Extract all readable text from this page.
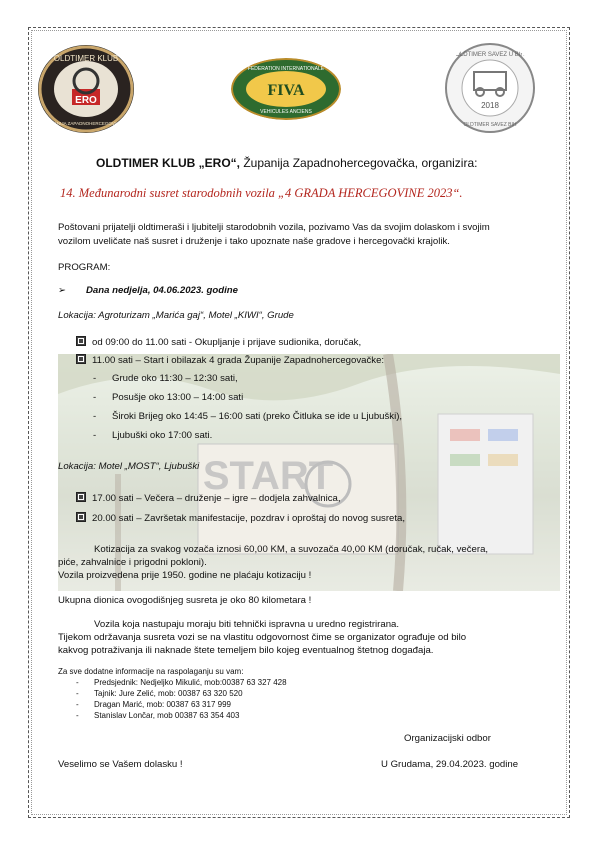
OLDTIMER KLUB
ERO
ŽUPANIJA ZAPADNOHERCEGOVAČKA
FEDERATION INTERNATIONALE
FIVA
VEHICULES ANCIENS
OLDTIMER SAVEZ U BIH
2018
OLDTIMER SAVEZ BIH
START
OLDTIMER KLUB „ERO“, Županija Zapadnohercegovačka, organizira:
14. Međunarodni susret starodobnih vozila „4 GRADA HERCEGOVINE 2023“.
Poštovani prijatelji oldtimeraši i ljubitelji starodobnih vozila, pozivamo Vas da svojim dolaskom i svojim
vozilom uveličate naš susret i druženje i tako upoznate naše gradove i hercegovački krajolik.
PROGRAM:
➢ Dana nedjelja, 04.06.2023. godine
Lokacija: Agroturizam „Marića gaj“, Motel „KIWI“, Grude
od 09:00 do 11.00 sati - Okupljanje i prijave sudionika, doručak,
11.00 sati – Start i obilazak 4 grada Županije Zapadnohercegovačke:
- Grude oko 11:30 – 12:30 sati,
- Posušje oko 13:00 – 14:00 sati
- Široki Brijeg oko 14:45 – 16:00 sati (preko Čitluka se ide u Ljubuški),
- Ljubuški oko 17:00 sati.
Lokacija: Motel „MOST“, Ljubuški
17.00 sati – Večera – druženje – igre – dodjela zahvalnica,
20.00 sati – Završetak manifestacije, pozdrav i oproštaj do novog susreta,
Kotizacija za svakog vozača iznosi 60,00 KM, a suvozača 40,00 KM (doručak, ručak, večera,
piće, zahvalnice i prigodni pokloni).
Vozila proizvedena prije 1950. godine ne plaćaju kotizaciju !
Ukupna dionica ovogodišnjeg susreta je oko 80 kilometara !
Vozila koja nastupaju moraju biti tehnički ispravna u uredno registrirana.
Tijekom održavanja susreta vozi se na vlastitu odgovornost čime se organizator ograđuje od bilo
kakvog potraživanja ili naknade štete temeljem bilo kojeg eventualnog štetnog događaja.
Za sve dodatne informacije na raspolaganju su vam:
- Predsjednik: Nedjeljko Mikulić, mob:00387 63 327 428
- Tajnik: Jure Zelić, mob: 00387 63 320 520
- Dragan Marić, mob: 00387 63 317 999
- Stanislav Lončar, mob 00387 63 354 403
Organizacijski odbor
Veselimo se Vašem dolasku !	U Grudama, 29.04.2023. godine
